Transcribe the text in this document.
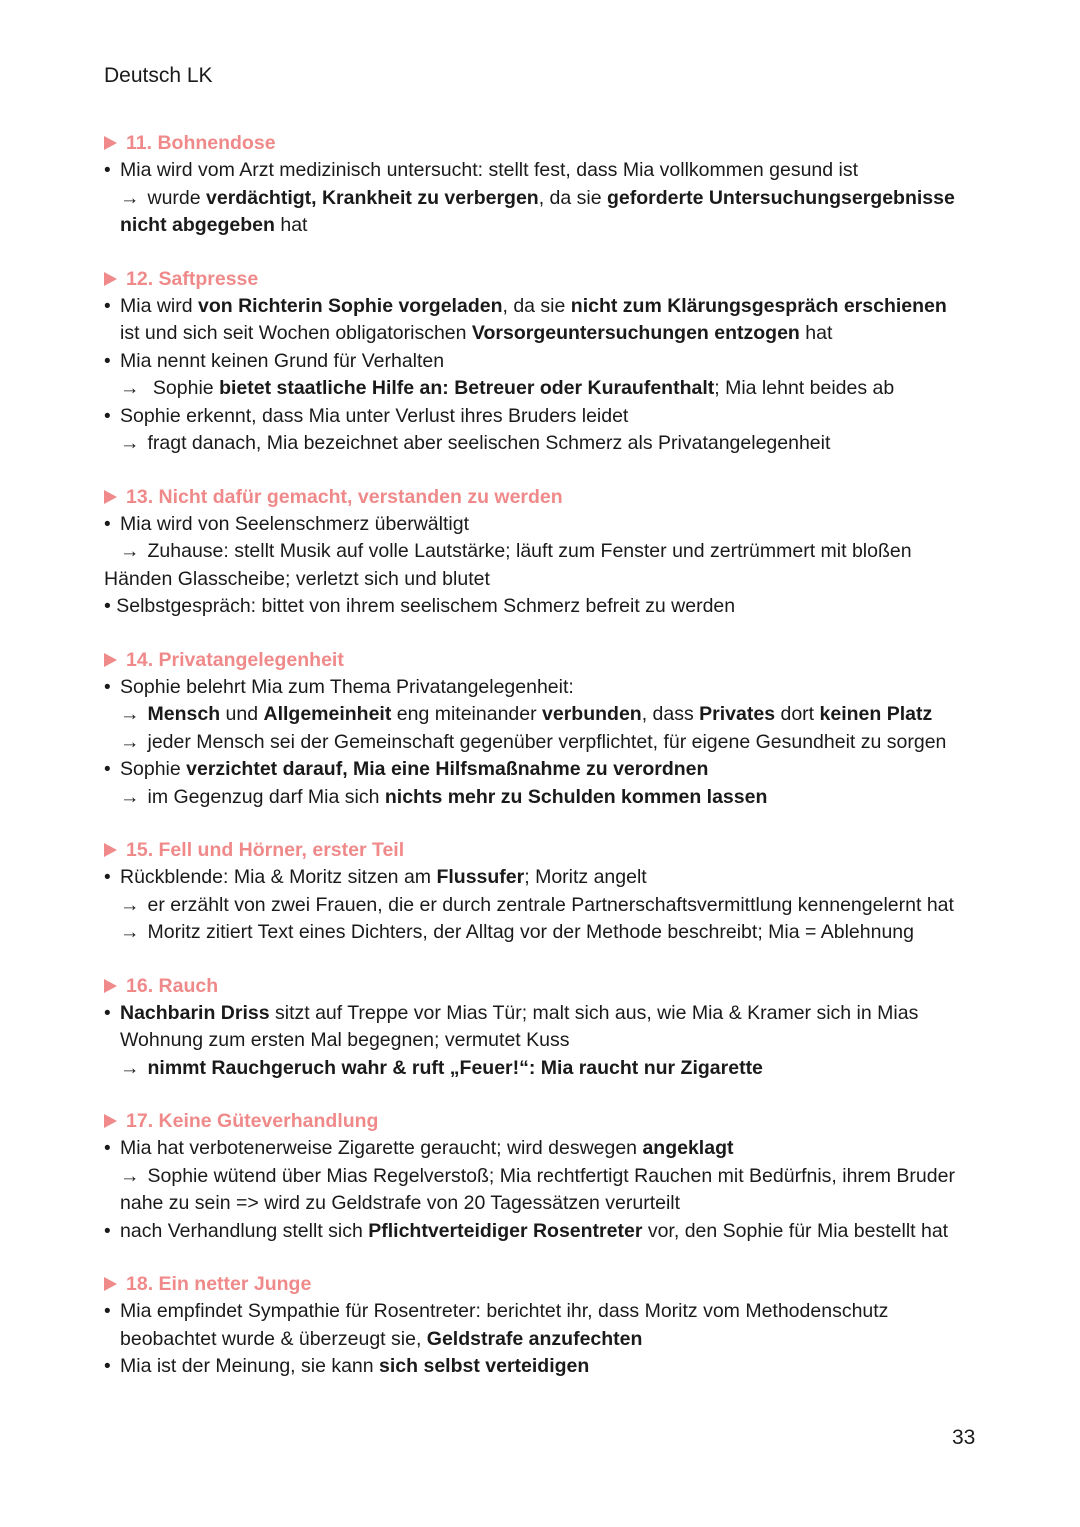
Deutsch LK
11. Bohnendose
• Mia wird vom Arzt medizinisch untersucht: stellt fest, dass Mia vollkommen gesund ist
→ wurde verdächtigt, Krankheit zu verbergen, da sie geforderte Untersuchungsergebnisse
nicht abgegeben hat
12. Saftpresse
• Mia wird von Richterin Sophie vorgeladen, da sie nicht zum Klärungsgespräch erschienen
ist und sich seit Wochen obligatorischen Vorsorgeuntersuchungen entzogen hat
• Mia nennt keinen Grund für Verhalten
→ Sophie bietet staatliche Hilfe an: Betreuer oder Kuraufenthalt; Mia lehnt beides ab
• Sophie erkennt, dass Mia unter Verlust ihres Bruders leidet
→ fragt danach, Mia bezeichnet aber seelischen Schmerz als Privatangelegenheit
13. Nicht dafür gemacht, verstanden zu werden
• Mia wird von Seelenschmerz überwältigt
→ Zuhause: stellt Musik auf volle Lautstärke; läuft zum Fenster und zertrümmert mit bloßen
Händen Glasscheibe; verletzt sich und blutet
• Selbstgespräch: bittet von ihrem seelischem Schmerz befreit zu werden
14. Privatangelegenheit
• Sophie belehrt Mia zum Thema Privatangelegenheit:
→ Mensch und Allgemeinheit eng miteinander verbunden, dass Privates dort keinen Platz
→ jeder Mensch sei der Gemeinschaft gegenüber verpflichtet, für eigene Gesundheit zu sorgen
• Sophie verzichtet darauf, Mia eine Hilfsmaßnahme zu verordnen
→ im Gegenzug darf Mia sich nichts mehr zu Schulden kommen lassen
15. Fell und Hörner, erster Teil
• Rückblende: Mia & Moritz sitzen am Flussufer; Moritz angelt
→ er erzählt von zwei Frauen, die er durch zentrale Partnerschaftsvermittlung kennengelernt hat
→ Moritz zitiert Text eines Dichters, der Alltag vor der Methode beschreibt; Mia = Ablehnung
16. Rauch
• Nachbarin Driss sitzt auf Treppe vor Mias Tür; malt sich aus, wie Mia & Kramer sich in Mias
Wohnung zum ersten Mal begegnen; vermutet Kuss
→ nimmt Rauchgeruch wahr & ruft „Feuer!“: Mia raucht nur Zigarette
17. Keine Güteverhandlung
• Mia hat verbotenerweise Zigarette geraucht; wird deswegen angeklagt
→ Sophie wütend über Mias Regelverstoß; Mia rechtfertigt Rauchen mit Bedürfnis, ihrem Bruder
nahe zu sein => wird zu Geldstrafe von 20 Tagessätzen verurteilt
• nach Verhandlung stellt sich Pflichtverteidiger Rosentreter vor, den Sophie für Mia bestellt hat
18. Ein netter Junge
• Mia empfindet Sympathie für Rosentreter: berichtet ihr, dass Moritz vom Methodenschutz
beobachtet wurde & überzeugt sie, Geldstrafe anzufechten
• Mia ist der Meinung, sie kann sich selbst verteidigen
33
